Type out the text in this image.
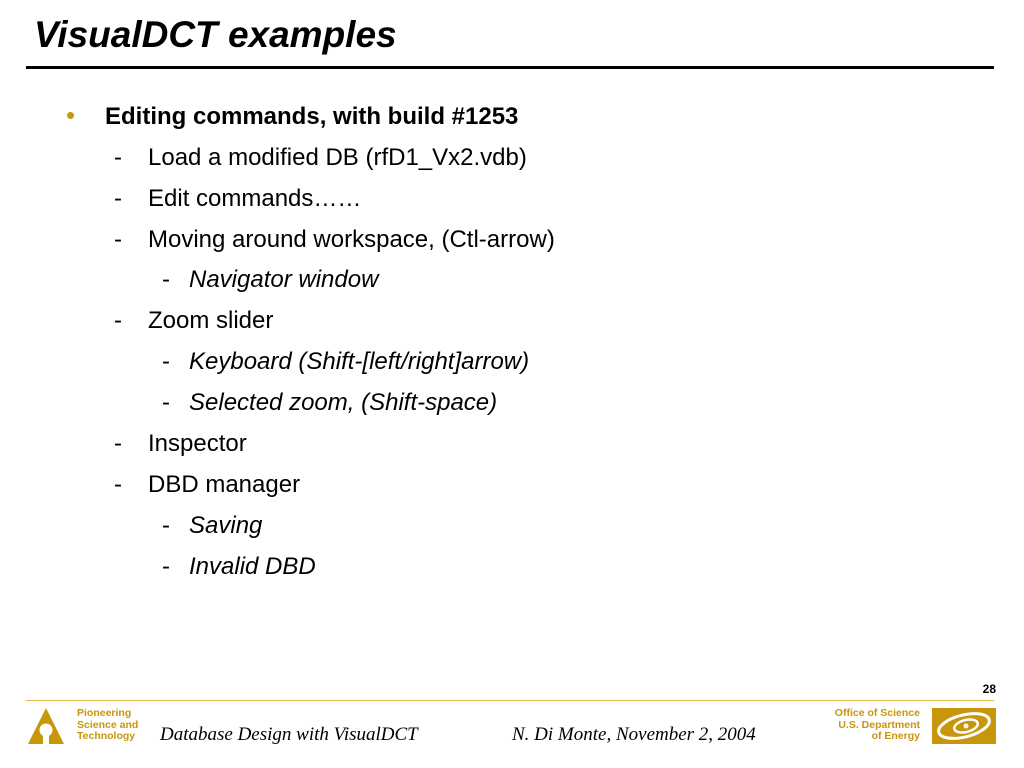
VisualDCT examples
• Editing commands, with build #1253
- Load a modified DB (rfD1_Vx2.vdb)
- Edit commands……
- Moving around workspace, (Ctl-arrow)
- Navigator window
- Zoom slider
- Keyboard (Shift-[left/right]arrow)
- Selected zoom, (Shift-space)
- Inspector
- DBD manager
- Saving
- Invalid DBD
28
Pioneering
Science and
Technology Database Design with VisualDCT	N. Di Monte, November 2, 2004
Office of Science
U.S. Department
of Energy
